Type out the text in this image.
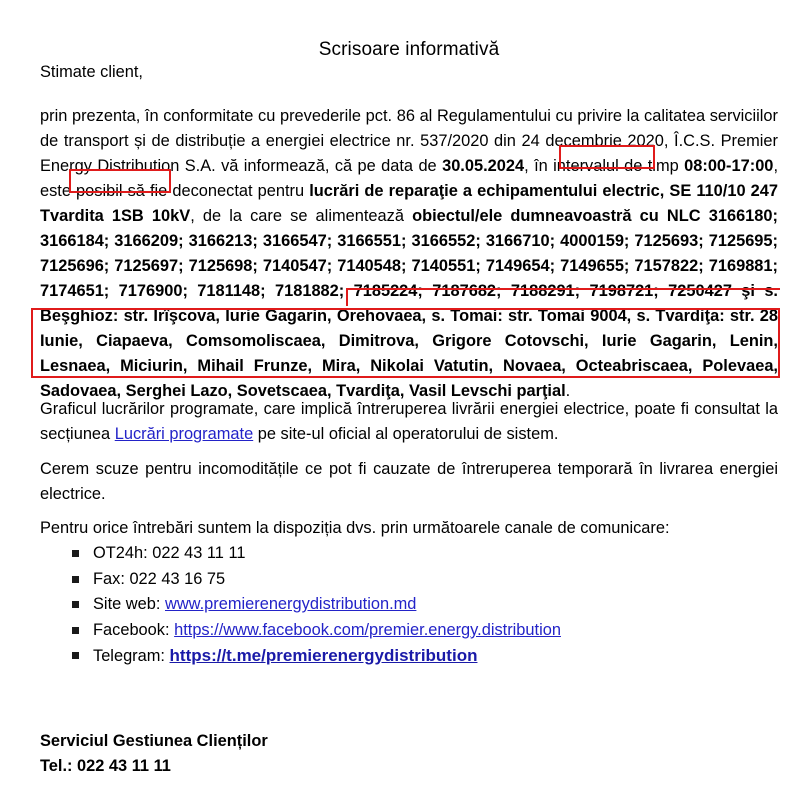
Scrisoare informativă
Stimate client,
prin prezenta, în conformitate cu prevederile pct. 86 al Regulamentului cu privire la calitatea serviciilor de transport și de distribuție a energiei electrice nr. 537/2020 din 24 decembrie 2020, Î.C.S. Premier Energy Distribution S.A. vă informează, că pe data de 30.05.2024, în intervalul de timp 08:00-17:00, este posibil să fie deconectat pentru lucrări de reparaţie a echipamentului electric, SE 110/10 247 Tvardita 1SB 10kV, de la care se alimentează obiectul/ele dumneavoastră cu NLC 3166180; 3166184; 3166209; 3166213; 3166547; 3166551; 3166552; 3166710; 4000159; 7125693; 7125695; 7125696; 7125697; 7125698; 7140547; 7140548; 7140551; 7149654; 7149655; 7157822; 7169881; 7174651; 7176900; 7181148; 7181882; 7185224; 7187682; 7188291; 7198721; 7250427 şi s. Beşghioz: str. Irîşcova, Iurie Gagarin, Orehovaea, s. Tomai: str. Tomai 9004, s. Tvardiţa: str. 28 Iunie, Ciapaeva, Comsomoliscaea, Dimitrova, Grigore Cotovschi, Iurie Gagarin, Lenin, Lesnaea, Miciurin, Mihail Frunze, Mira, Nikolai Vatutin, Novaea, Octeabriscaea, Polevaea, Sadovaea, Serghei Lazo, Sovetscaea, Tvardiţa, Vasil Levschi parţial.
Graficul lucrărilor programate, care implică întreruperea livrării energiei electrice, poate fi consultat la secțiunea Lucrări programate pe site-ul oficial al operatorului de sistem.
Cerem scuze pentru incomoditățile ce pot fi cauzate de întreruperea temporară în livrarea energiei electrice.
Pentru orice întrebări suntem la dispoziția dvs. prin următoarele canale de comunicare:
OT24h: 022 43 11 11
Fax: 022 43 16 75
Site web: www.premierenergydistribution.md
Facebook: https://www.facebook.com/premier.energy.distribution
Telegram: https://t.me/premierenergydistribution
Serviciul Gestiunea Clienților
Tel.: 022 43 11 11
